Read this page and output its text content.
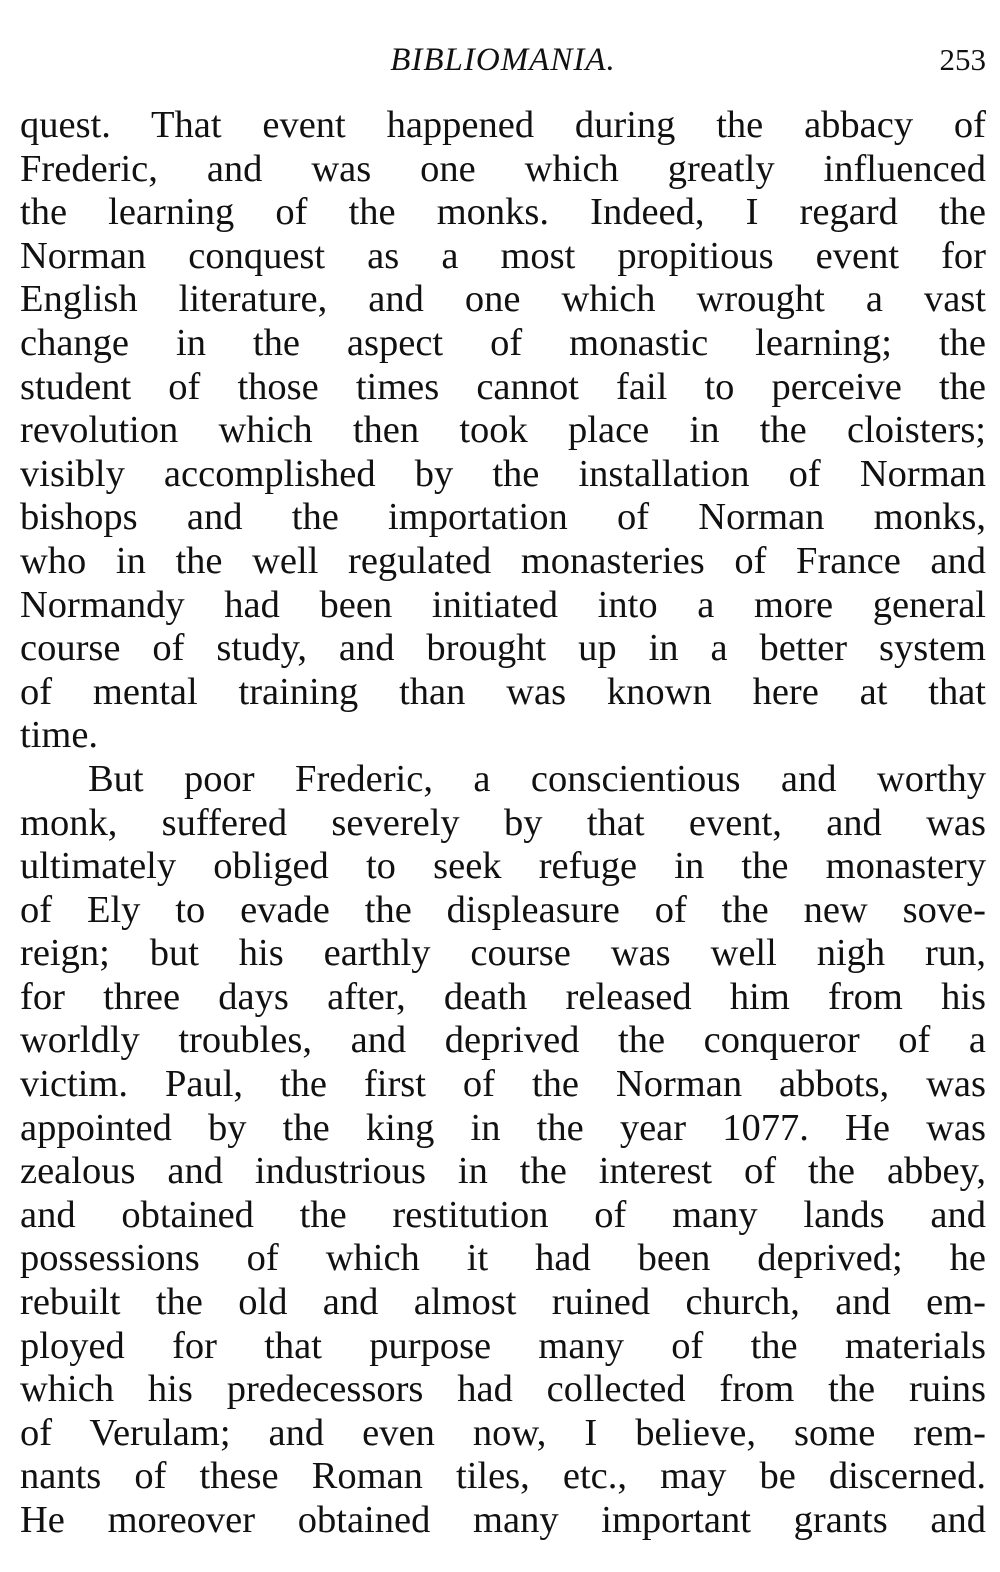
BIBLIOMANIA.	253
quest. That event happened during the abbacy of
Frederic, and was one which greatly influenced
the learning of the monks. Indeed, I regard the
Norman conquest as a most propitious event for
English literature, and one which wrought a vast
change in the aspect of monastic learning; the
student of those times cannot fail to perceive the
revolution which then took place in the cloisters;
visibly accomplished by the installation of Norman
bishops and the importation of Norman monks,
who in the well regulated monasteries of France and
Normandy had been initiated into a more general
course of study, and brought up in a better system
of mental training than was known here at that
time.
But poor Frederic, a conscientious and worthy
monk, suffered severely by that event, and was
ultimately obliged to seek refuge in the monastery
of Ely to evade the displeasure of the new sove-
reign; but his earthly course was well nigh run,
for three days after, death released him from his
worldly troubles, and deprived the conqueror of a
victim. Paul, the first of the Norman abbots, was
appointed by the king in the year 1077. He was
zealous and industrious in the interest of the abbey,
and obtained the restitution of many lands and
possessions of which it had been deprived; he
rebuilt the old and almost ruined church, and em-
ployed for that purpose many of the materials
which his predecessors had collected from the ruins
of Verulam; and even now, I believe, some rem-
nants of these Roman tiles, etc., may be discerned.
He moreover obtained many important grants and
